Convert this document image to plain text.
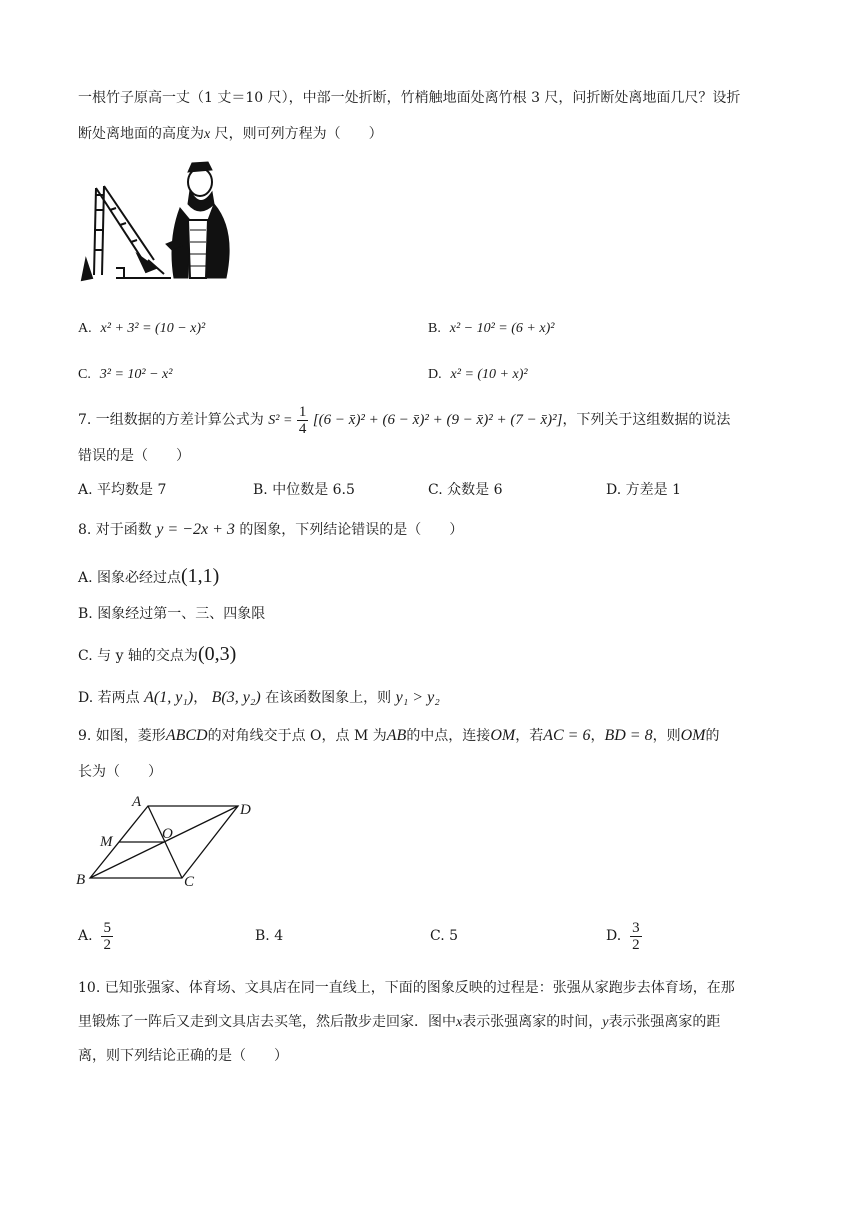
一根竹子原高一丈（1 丈＝10 尺），中部一处折断，竹梢触地面处离竹根 3 尺，问折断处离地面几尺？设折
断处离地面的高度为x 尺，则可列方程为（　　）
A. x² + 3² = (10 − x)²	B. x² − 10² = (6 + x)²
C. 3² = 10² − x²	D. x² = (10 + x)²
7. 一组数据的方差计算公式为 $S^2 = \frac{1}{4} [(6$ − x̄)² + (6 − x̄)² + (9 − x̄)² + (7 − x̄)²]，下列关于这组数据的说法
错误的是（　　）
A. 平均数是 7	B. 中位数是 6.5	C. 众数是 6	D. 方差是 1
8. 对于函数 y = −2x + 3 的图象，下列结论错误的是（　　）
A. 图象必经过点(1,1)
B. 图象经过第一、三、四象限
C. 与 y 轴的交点为(0,3)
D. 若两点 A(1, y₁)， B(3, y₂) 在该函数图象上，则 y₁ > y₂
9. 如图，菱形ABCD的对角线交于点 O，点 M 为AB的中点，连接OM，若AC = 6，BD = 8，则OM的
长为（　　）
A	D
M	O
B	C
A. $\frac{5}{2}$	B. 4	C. 5	D. $\frac{3}{2}$
10. 已知张强家、体育场、文具店在同一直线上，下面的图象反映的过程是：张强从家跑步去体育场，在那
里锻炼了一阵后又走到文具店去买笔，然后散步走回家．图中x表示张强离家的时间，y表示张强离家的距
离，则下列结论正确的是（　　）
